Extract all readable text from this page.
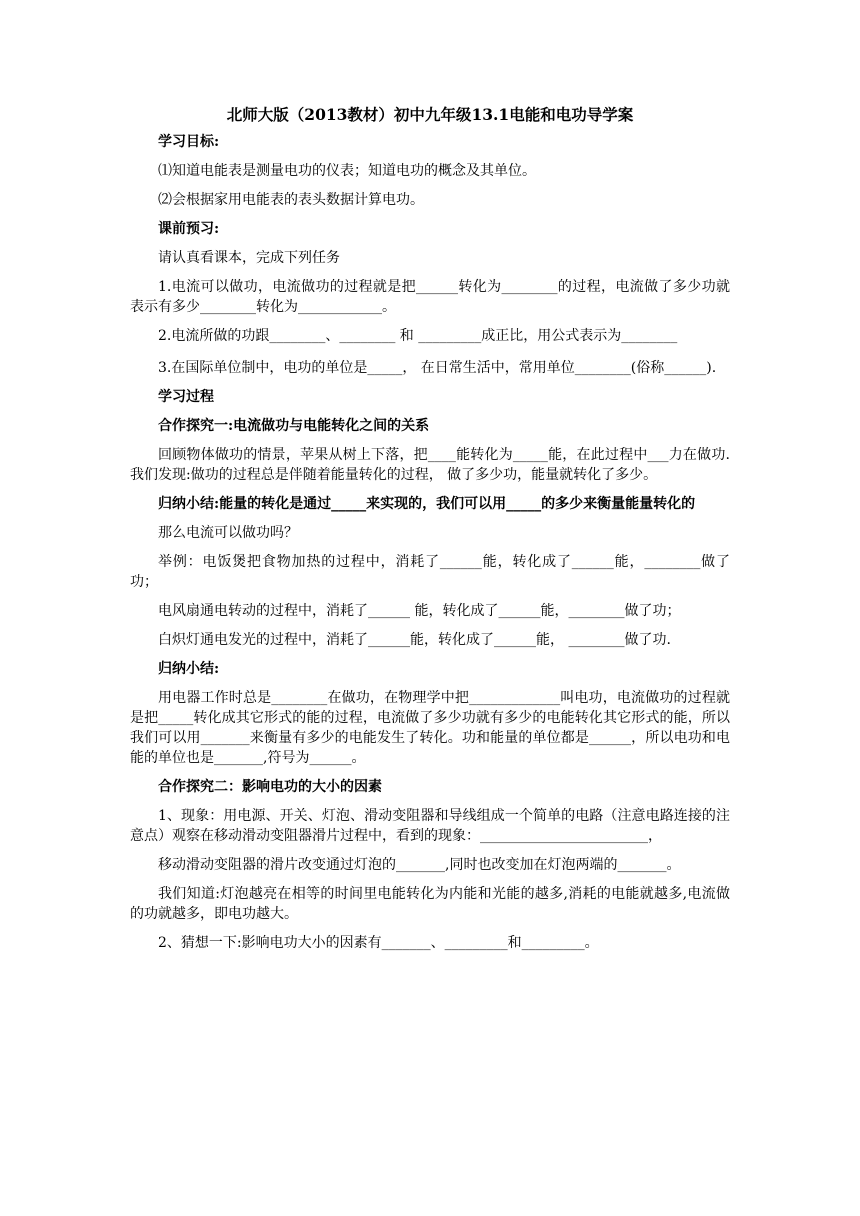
北师大版（2013教材）初中九年级13.1电能和电功导学案

学习目标:

⑴知道电能表是测量电功的仪表；知道电功的概念及其单位。

⑵会根据家用电能表的表头数据计算电功。

课前预习:

请认真看课本，完成下列任务

1.电流可以做功，电流做功的过程就是把______转化为________的过程，电流做了多少功就表示有多少________转化为____________。

2.电流所做的功跟________、________ 和 _________成正比，用公式表示为________

3.在国际单位制中，电功的单位是_____， 在日常生活中，常用单位________(俗称______).

学习过程

合作探究一:电流做功与电能转化之间的关系

回顾物体做功的情景，苹果从树上下落，把____能转化为_____能，在此过程中___力在做功.我们发现:做功的过程总是伴随着能量转化的过程， 做了多少功，能量就转化了多少。

归纳小结:能量的转化是通过_____来实现的，我们可以用_____的多少来衡量能量转化的

那么电流可以做功吗？

举例：电饭煲把食物加热的过程中，消耗了______能，转化成了______能，________做了功；

电风扇通电转动的过程中，消耗了______ 能，转化成了______能，________做了功；

白炽灯通电发光的过程中，消耗了______能，转化成了______能， ________做了功.

归纳小结:

用电器工作时总是________在做功，在物理学中把_____________叫电功，电流做功的过程就是把_____转化成其它形式的能的过程，电流做了多少功就有多少的电能转化其它形式的能，所以我们可以用_______来衡量有多少的电能发生了转化。功和能量的单位都是______，所以电功和电能的单位也是_______,符号为______。

合作探究二：影响电功的大小的因素

1、现象：用电源、开关、灯泡、滑动变阻器和导线组成一个简单的电路（注意电路连接的注意点）观察在移动滑动变阻器滑片过程中，看到的现象：________________________，

移动滑动变阻器的滑片改变通过灯泡的_______,同时也改变加在灯泡两端的_______。

我们知道:灯泡越亮在相等的时间里电能转化为内能和光能的越多,消耗的电能就越多,电流做的功就越多，即电功越大。

2、猜想一下:影响电功大小的因素有_______、_________和_________。
